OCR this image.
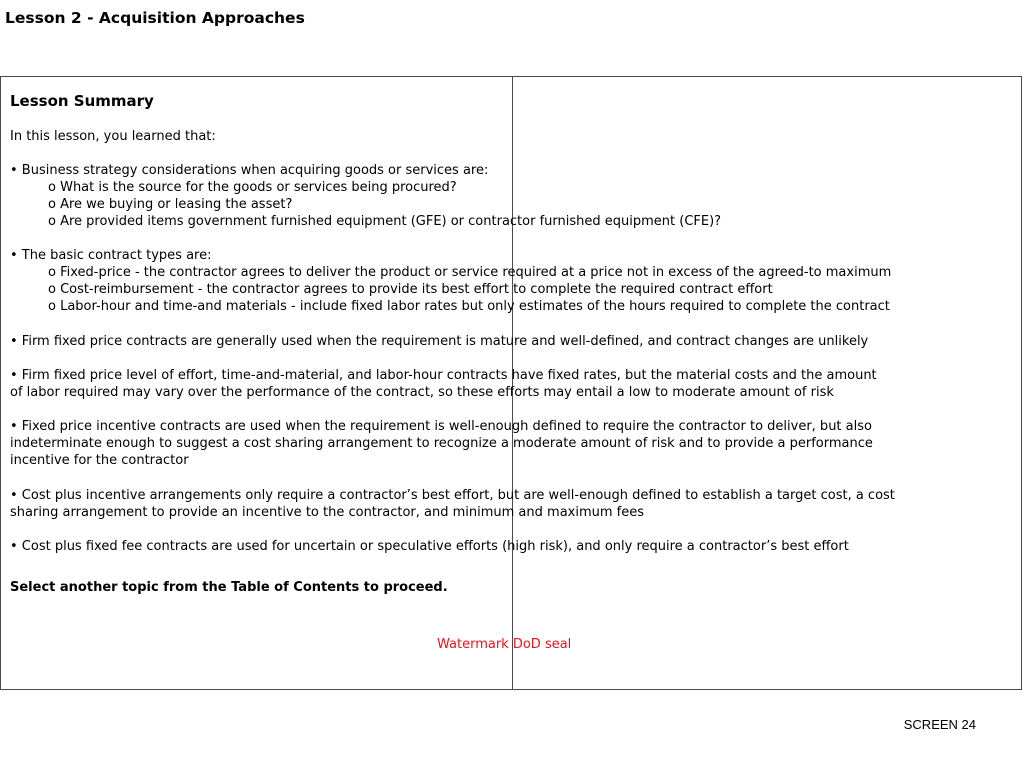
Lesson 2 - Acquisition Approaches
Lesson Summary
In this lesson, you learned that:
• Business strategy considerations when acquiring goods or services are:
o What is the source for the goods or services being procured?
o Are we buying or leasing the asset?
o Are provided items government furnished equipment (GFE) or contractor furnished equipment (CFE)?
• The basic contract types are:
o Fixed-price - the contractor agrees to deliver the product or service required at a price not in excess of the agreed-to maximum
o Cost-reimbursement - the contractor agrees to provide its best effort to complete the required contract effort
o Labor-hour and time-and materials - include fixed labor rates but only estimates of the hours required to complete the contract
• Firm fixed price contracts are generally used when the requirement is mature and well-defined, and contract changes are unlikely
• Firm fixed price level of effort, time-and-material, and labor-hour contracts have fixed rates, but the material costs and the amount
of labor required may vary over the performance of the contract, so these efforts may entail a low to moderate amount of risk
• Fixed price incentive contracts are used when the requirement is well-enough defined to require the contractor to deliver, but also
indeterminate enough to suggest a cost sharing arrangement to recognize a moderate amount of risk and to provide a performance
incentive for the contractor
• Cost plus incentive arrangements only require a contractor’s best effort, but are well-enough defined to establish a target cost, a cost
sharing arrangement to provide an incentive to the contractor, and minimum and maximum fees
• Cost plus fixed fee contracts are used for uncertain or speculative efforts (high risk), and only require a contractor’s best effort
Select another topic from the Table of Contents to proceed.
Watermark DoD seal
SCREEN 24
